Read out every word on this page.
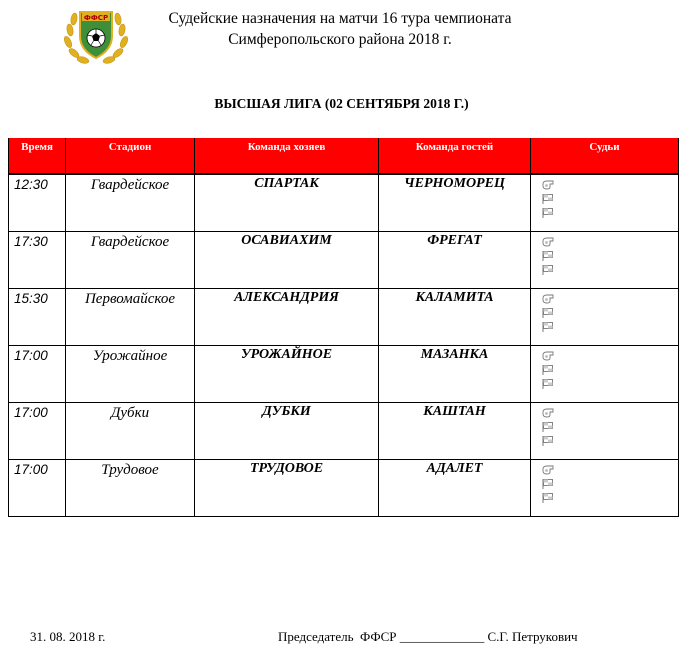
ФФСР	Судейские назначения на матчи 16 тура чемпионата
Симферопольского района 2018 г.
ВЫСШАЯ ЛИГА (02 СЕНТЯБРЯ 2018 Г.)
Время	Стадион	Команда хозяев	Команда гостей	Судьи
12:30	Гвардейское	СПАРТАК	ЧЕРНОМОРЕЦ	

17:30	Гвардейское	ОСАВИАХИМ	ФРЕГАТ	

15:30	Первомайское	АЛЕКСАНДРИЯ	КАЛАМИТА	

17:00	Урожайное	УРОЖАЙНОЕ	МАЗАНКА	

17:00	Дубки	ДУБКИ	КАШТАН	

17:00	Трудовое	ТРУДОВОЕ	АДАЛЕТ	
31. 08. 2018 г.	Председатель  ФФСР _____________ С.Г. Петрукович
